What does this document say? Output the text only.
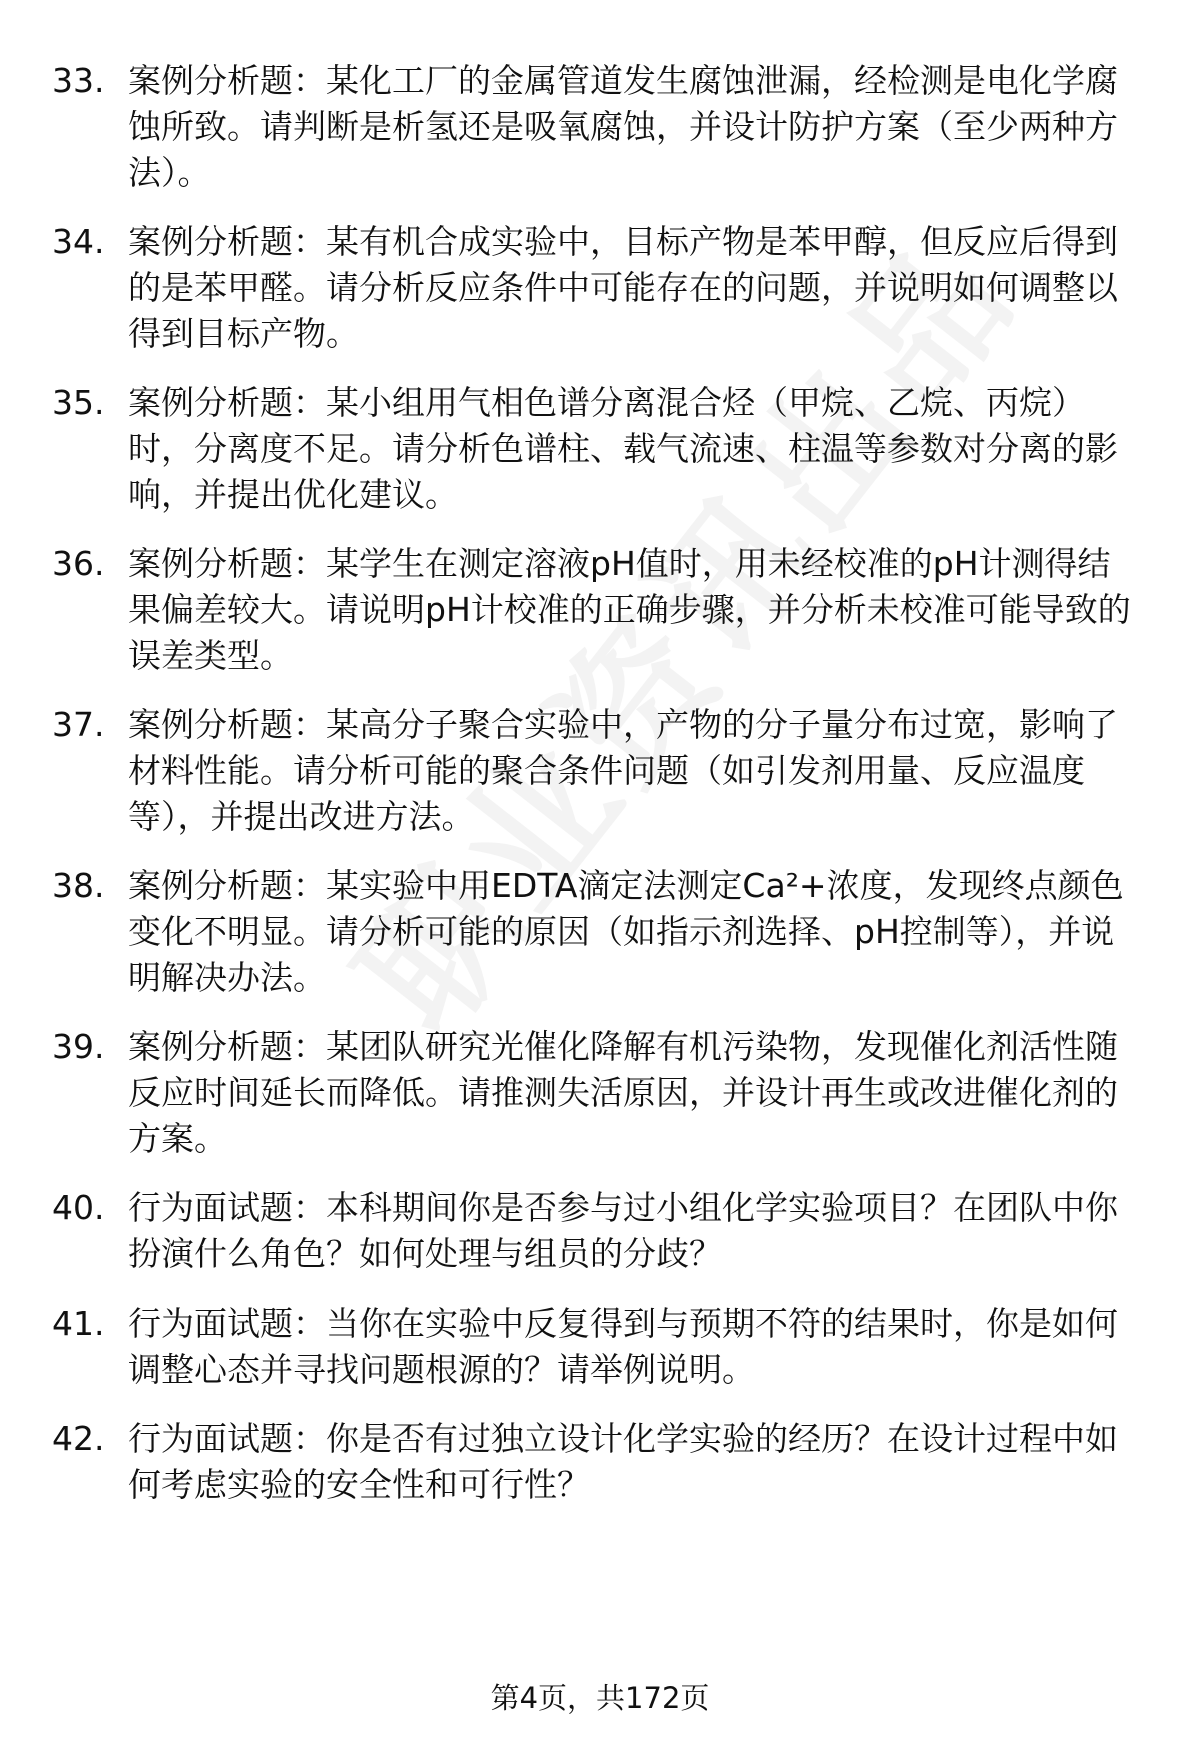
33. 案例分析题：某化工厂的金属管道发生腐蚀泄漏，经检测是电化学腐蚀所致。请判断是析氢还是吸氧腐蚀，并设计防护方案（至少两种方法）。
34. 案例分析题：某有机合成实验中，目标产物是苯甲醇，但反应后得到的是苯甲醛。请分析反应条件中可能存在的问题，并说明如何调整以得到目标产物。
35. 案例分析题：某小组用气相色谱分离混合烃（甲烷、乙烷、丙烷）时，分离度不足。请分析色谱柱、载气流速、柱温等参数对分离的影响，并提出优化建议。
36. 案例分析题：某学生在测定溶液pH值时，用未经校准的pH计测得结果偏差较大。请说明pH计校准的正确步骤，并分析未校准可能导致的误差类型。
37. 案例分析题：某高分子聚合实验中，产物的分子量分布过宽，影响了材料性能。请分析可能的聚合条件问题（如引发剂用量、反应温度等），并提出改进方法。
38. 案例分析题：某实验中用EDTA滴定法测定Ca²+浓度，发现终点颜色变化不明显。请分析可能的原因（如指示剂选择、pH控制等），并说明解决办法。
39. 案例分析题：某团队研究光催化降解有机污染物，发现催化剂活性随反应时间延长而降低。请推测失活原因，并设计再生或改进催化剂的方案。
40. 行为面试题：本科期间你是否参与过小组化学实验项目？在团队中你扮演什么角色？如何处理与组员的分歧？
41. 行为面试题：当你在实验中反复得到与预期不符的结果时，你是如何调整心态并寻找问题根源的？请举例说明。
42. 行为面试题：你是否有过独立设计化学实验的经历？在设计过程中如何考虑实验的安全性和可行性？
第4页，共172页
